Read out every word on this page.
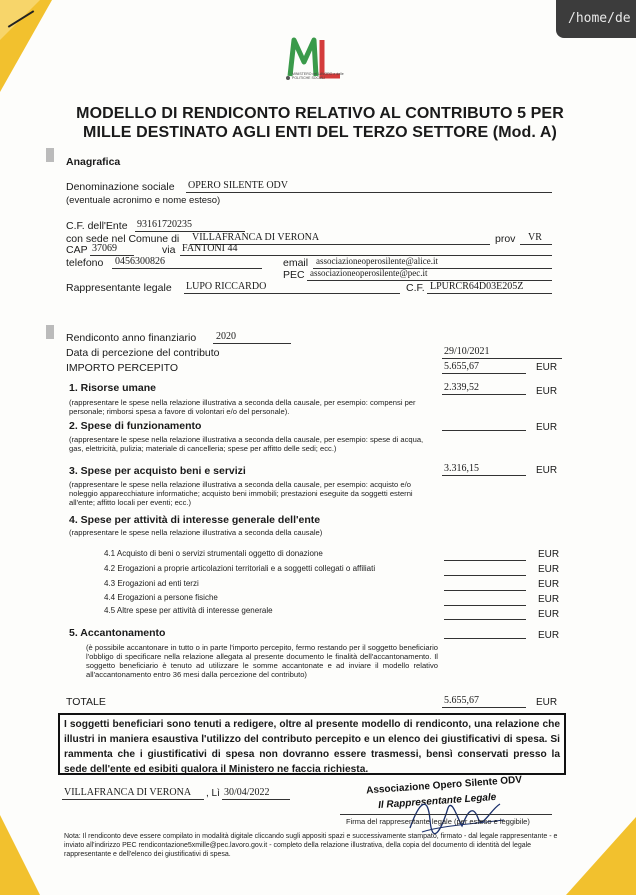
/home/de
MINISTERO del LAVORO e delle POLITICHE SOCIALI
MODELLO DI RENDICONTO RELATIVO AL CONTRIBUTO 5 PER MILLE DESTINATO AGLI ENTI DEL TERZO SETTORE (Mod. A)
Anagrafica
Denominazione sociale OPERO SILENTE ODV
(eventuale acronimo e nome esteso)
C.F. dell'Ente 93161720235
con sede nel Comune di VILLAFRANCA DI VERONA	prov VR
CAP 37069	via FANTONI 44
telefono 0456300826	email associazioneoperosilente@alice.it
PEC associazioneoperosilente@pec.it
Rappresentante legale LUPO RICCARDO	C.F. LPURCR64D03E205Z
Rendiconto anno finanziario 2020
Data di percezione del contributo	29/10/2021
IMPORTO PERCEPITO	5.655,67	EUR
1. Risorse umane	2.339,52	EUR
(rappresentare le spese nella relazione illustrativa a seconda della causale, per esempio: compensi per personale; rimborsi spesa a favore di volontari e/o del personale).
2. Spese di funzionamento	EUR
(rappresentare le spese nella relazione illustrativa a seconda della causale, per esempio: spese di acqua, gas, elettricità, pulizia; materiale di cancelleria; spese per affitto delle sedi; ecc.)
3. Spese per acquisto beni e servizi	3.316,15	EUR
(rappresentare le spese nella relazione illustrativa a seconda della causale, per esempio: acquisto e/o noleggio apparecchiature informatiche; acquisto beni immobili; prestazioni eseguite da soggetti esterni all'ente; affitto locali per eventi; ecc.)
4. Spese per attività di interesse generale dell'ente
(rappresentare le spese nella relazione illustrativa a seconda della causale)
4.1 Acquisto di beni o servizi strumentali oggetto di donazione	EUR
4.2 Erogazioni a proprie articolazioni territoriali e a soggetti collegati o affiliati	EUR
4.3 Erogazioni ad enti terzi	EUR
4.4 Erogazioni a persone fisiche	EUR
4.5 Altre spese per attività di interesse generale	EUR
5. Accantonamento	EUR
(è possibile accantonare in tutto o in parte l'importo percepito, fermo restando per il soggetto beneficiario l'obbligo di specificare nella relazione allegata al presente documento le finalità dell'accantonamento. Il soggetto beneficiario è tenuto ad utilizzare le somme accantonate e ad inviare il modello relativo all'accantonamento entro 36 mesi dalla percezione del contributo)
TOTALE	5.655,67	EUR
I soggetti beneficiari sono tenuti a redigere, oltre al presente modello di rendiconto, una relazione che illustri in maniera esaustiva l'utilizzo del contributo percepito e un elenco dei giustificativi di spesa. Si rammenta che i giustificativi di spesa non dovranno essere trasmessi, bensì conservati presso la sede dell'ente ed esibiti qualora il Ministero ne faccia richiesta.
VILLAFRANCA DI VERONA , Lì 30/04/2022	Associazione Opero Silente ODV
Il Rappresentante Legale
Firma del rappresentante legale (per esteso e leggibile)
Nota: Il rendiconto deve essere compilato in modalità digitale cliccando sugli appositi spazi e successivamente stampato, firmato - dal legale rappresentante - e inviato all'indirizzo PEC rendicontazione5xmille@pec.lavoro.gov.it - completo della relazione illustrativa, della copia del documento di identità del legale rappresentante e dell'elenco dei giustificativi di spesa.
